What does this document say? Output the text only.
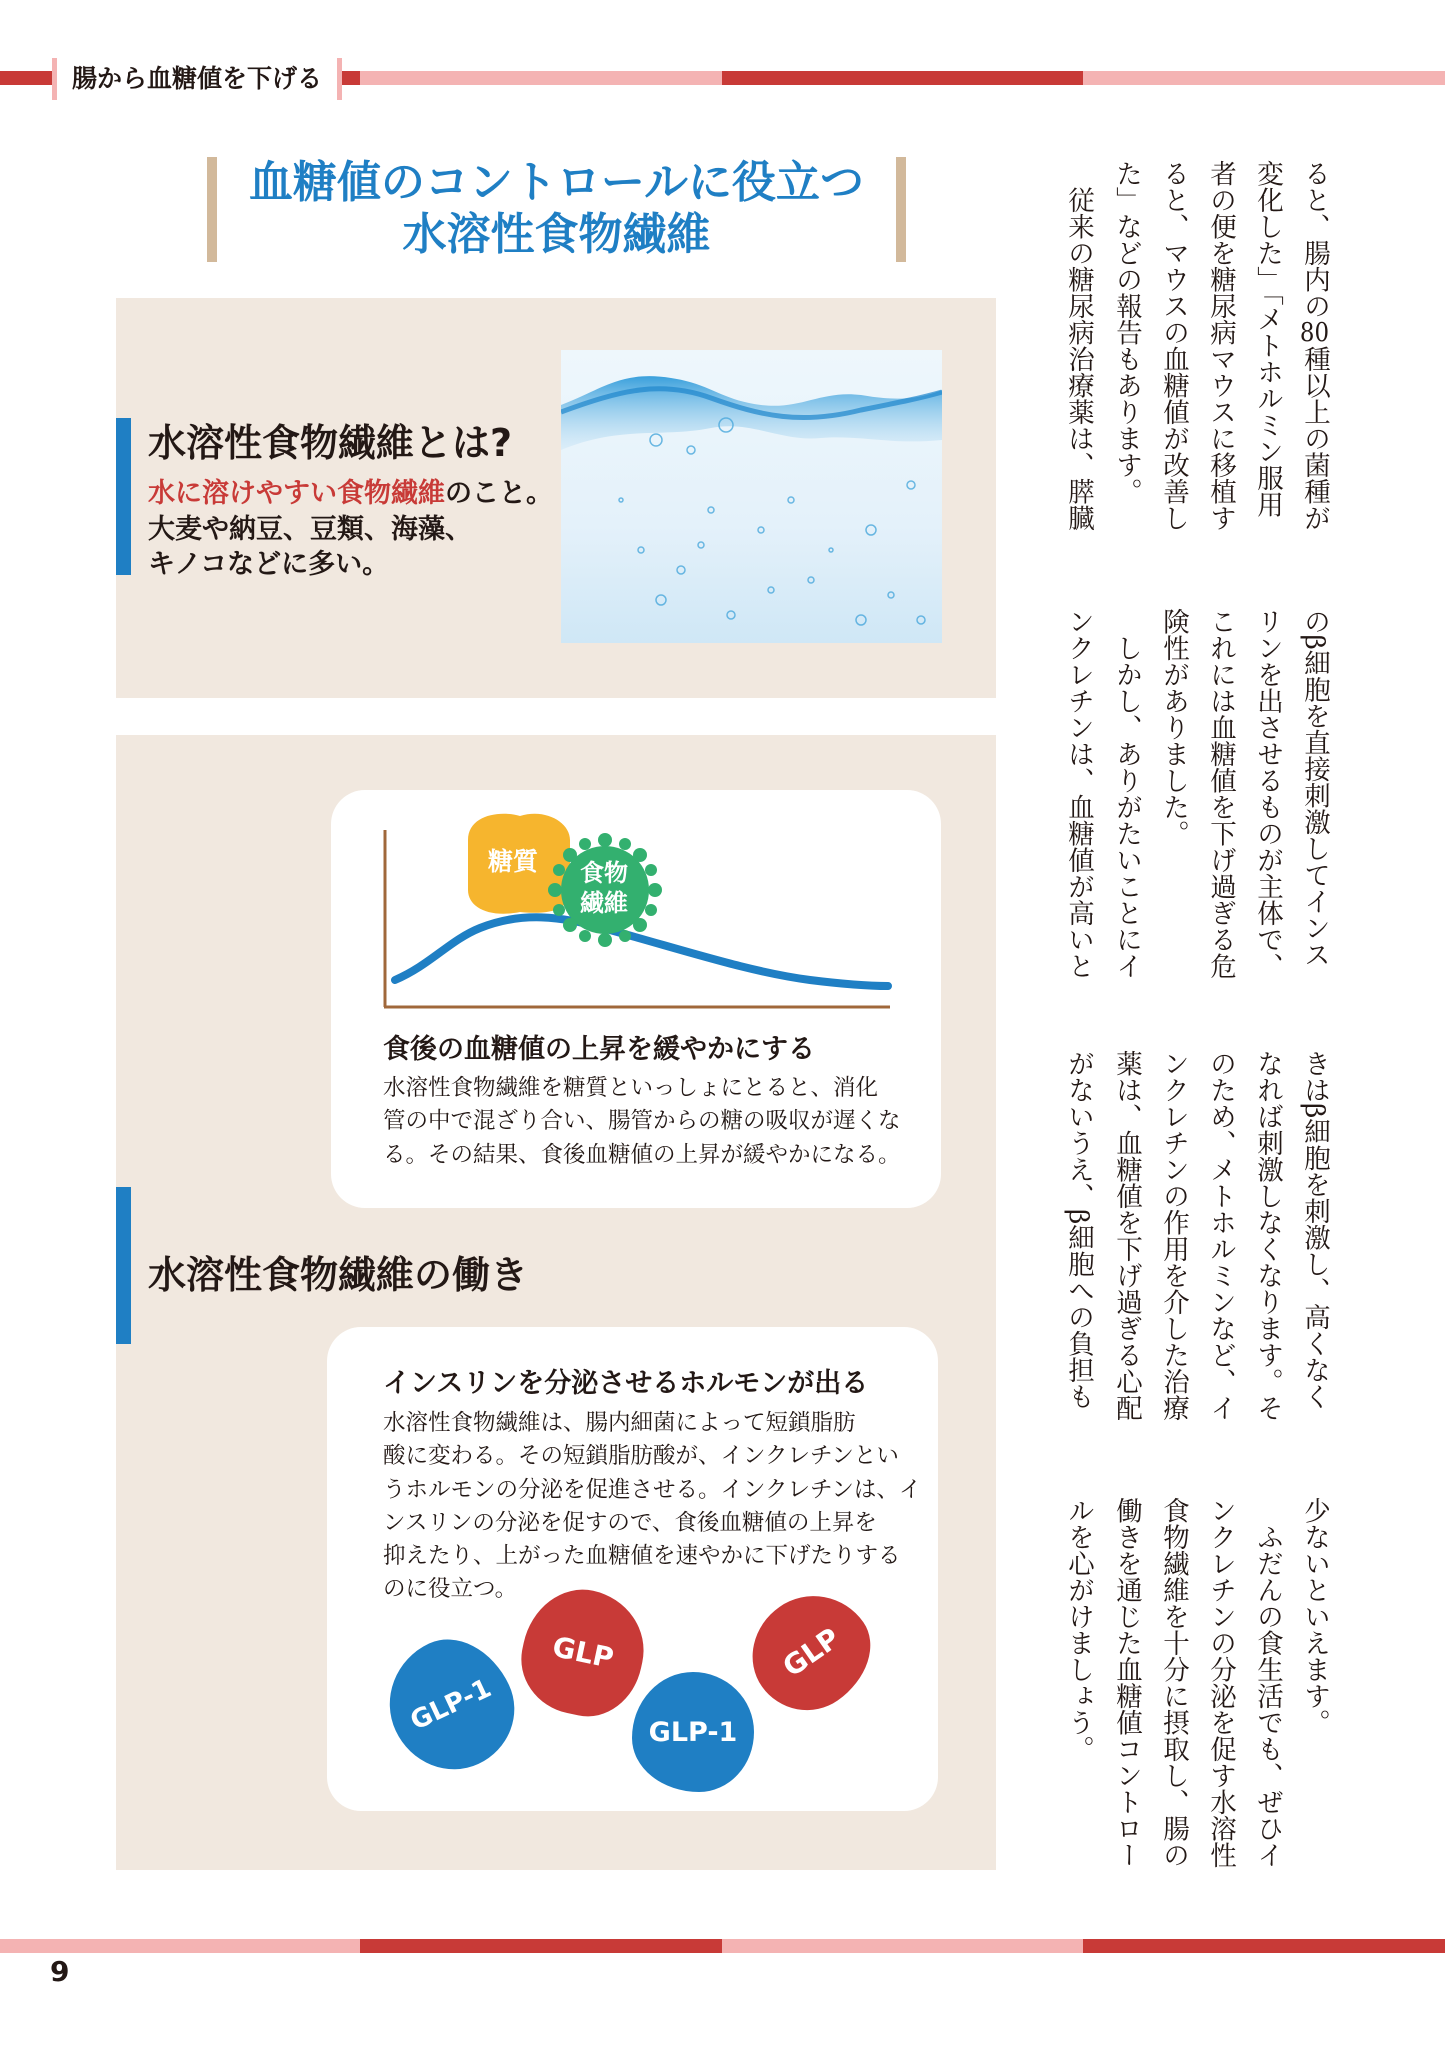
腸から血糖値を下げる
血糖値のコントロールに役立つ
水溶性食物繊維
水溶性食物繊維とは?
水に溶けやすい食物繊維のこと。
大麦や納豆、豆類、海藻、
キノコなどに多い。
糖質 食物
繊維
食後の血糖値の上昇を緩やかにする
水溶性食物繊維を糖質といっしょにとると、消化
管の中で混ざり合い、腸管からの糖の吸収が遅くな
る。その結果、食後血糖値の上昇が緩やかになる。
水溶性食物繊維の働き
インスリンを分泌させるホルモンが出る
水溶性食物繊維は、腸内細菌によって短鎖脂肪
酸に変わる。その短鎖脂肪酸が、インクレチンとい
うホルモンの分泌を促進させる。インクレチンは、イ
ンスリンの分泌を促すので、食後血糖値の上昇を
抑えたり、上がった血糖値を速やかに下げたりする
のに役立つ。
GLP-1
GLP
GLP-1
GLP
ると、腸内の80種以上の菌種が
変化した」「メトホルミン服用
者の便を糖尿病マウスに移植す
ると、マウスの血糖値が改善し
た」などの報告もあります。
　従来の糖尿病治療薬は、膵臓
のβ細胞を直接刺激してインス
リンを出させるものが主体で、
これには血糖値を下げ過ぎる危
険性がありました。
　しかし、ありがたいことにイ
ンクレチンは、血糖値が高いと
きはβ細胞を刺激し、高くなく
なれば刺激しなくなります。そ
のため、メトホルミンなど、イ
ンクレチンの作用を介した治療
薬は、血糖値を下げ過ぎる心配
がないうえ、β細胞への負担も
少ないといえます。
　ふだんの食生活でも、ぜひイ
ンクレチンの分泌を促す水溶性
食物繊維を十分に摂取し、腸の
働きを通じた血糖値コントロー
ルを心がけましょう。
9
